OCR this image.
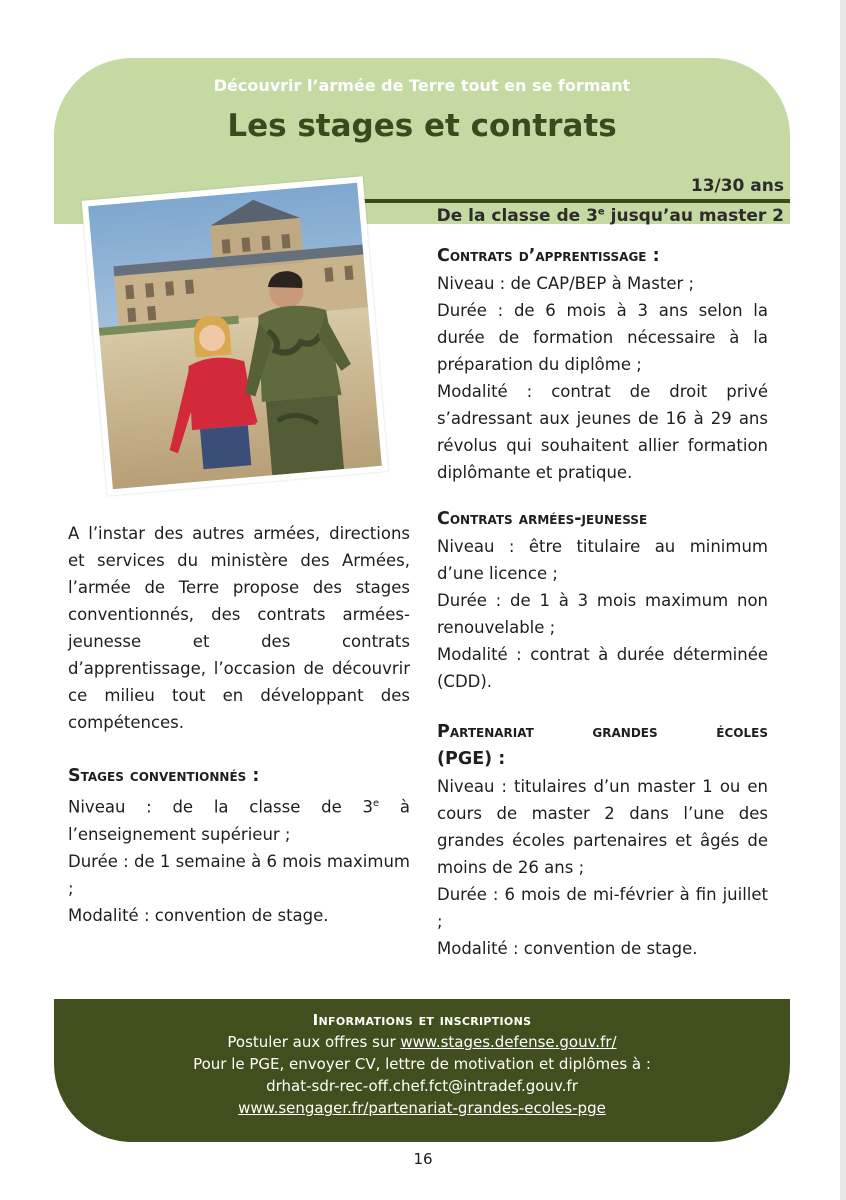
Découvrir l’armée de Terre tout en se formant
Les stages et contrats
13/30 ans
De la classe de 3e jusqu’au master 2
Informations et inscriptions
Postuler aux offres sur www.stages.defense.gouv.fr/
Pour le PGE, envoyer CV, lettre de motivation et diplômes à :
drhat-sdr-rec-off.chef.fct@intradef.gouv.fr
www.sengager.fr/partenariat-grandes-ecoles-pge
Contrats d’apprentissage :

Niveau : de CAP/BEP à Master ;

Durée : de 6 mois à 3 ans selon la durée de formation nécessaire à la préparation du diplôme ;

Modalité : contrat de droit privé s’adressant aux jeunes de 16 à 29 ans révolus qui souhaitent allier formation diplômante et pratique.

Contrats armées-jeunesse

Niveau : être titulaire au minimum d’une licence ;

Durée : de 1 à 3 mois maximum non renouvelable ;

Modalité : contrat à durée déterminée (CDD).

Partenariat	grandes	écoles
(PGE) :

Niveau : titulaires d’un master 1 ou en cours de master 2 dans l’une des grandes écoles partenaires et âgés de moins de 26 ans ;

Durée : 6 mois de mi-février à fin juillet ;

Modalité : convention de stage.

A l’instar des autres armées, directions et services du ministère des Armées, l’armée de Terre propose des stages conventionnés, des contrats armées-jeunesse et des contrats d’apprentissage, l’occasion de découvrir ce milieu tout en développant des compétences.

Stages conventionnés :

Niveau : de la classe de 3e à l’enseignement supérieur ;

Durée : de 1 semaine à 6 mois maximum ;

Modalité : convention de stage.

16
